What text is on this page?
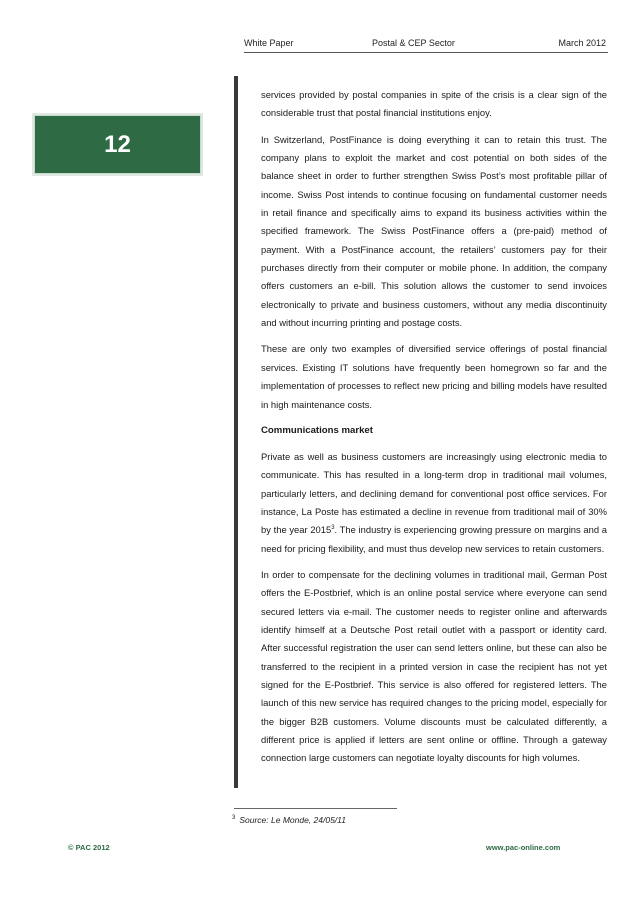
White Paper	Postal & CEP Sector	March 2012
12

services provided by postal companies in spite of the crisis is a clear sign of the considerable trust that postal financial institutions enjoy.

In Switzerland, PostFinance is doing everything it can to retain this trust. The company plans to exploit the market and cost potential on both sides of the balance sheet in order to further strengthen Swiss Post’s most profitable pillar of income. Swiss Post intends to continue focusing on fundamental customer needs in retail finance and specifically aims to expand its business activities within the specified framework. The Swiss PostFinance offers a (pre-paid) method of payment. With a PostFinance account, the retailers’ customers pay for their purchases directly from their computer or mobile phone. In addition, the company offers customers an e-bill. This solution allows the customer to send invoices electronically to private and business customers, without any media discontinuity and without incurring printing and postage costs.

These are only two examples of diversified service offerings of postal financial services. Existing IT solutions have frequently been homegrown so far and the implementation of processes to reflect new pricing and billing models have resulted in high maintenance costs.

Communications market

Private as well as business customers are increasingly using electronic media to communicate. This has resulted in a long-term drop in traditional mail volumes, particularly letters, and declining demand for conventional post office services. For instance, La Poste has estimated a decline in revenue from traditional mail of 30% by the year 2015$^3$. The industry is experiencing growing pressure on margins and a need for pricing flexibility, and must thus develop new services to retain customers.

In order to compensate for the declining volumes in traditional mail, German Post offers the E-Postbrief, which is an online postal service where everyone can send secured letters via e-mail. The customer needs to register online and afterwards identify himself at a Deutsche Post retail outlet with a passport or identity card. After successful registration the user can send letters online, but these can also be transferred to the recipient in a printed version in case the recipient has not yet signed for the E-Postbrief. This service is also offered for registered letters. The launch of this new service has required changes to the pricing model, especially for the bigger B2B customers. Volume discounts must be calculated differently, a different price is applied if letters are sent online or offline. Through a gateway connection large customers can negotiate loyalty discounts for high volumes.

$^3$ Source: Le Monde, 24/05/11
© PAC 2012	www.pac-online.com
